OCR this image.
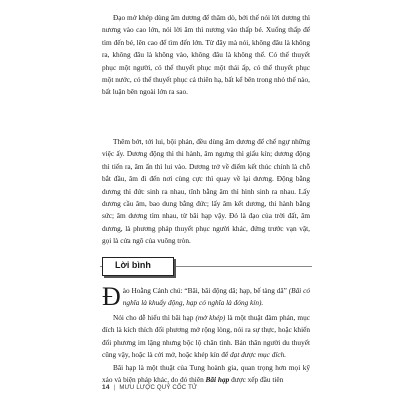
Đạo mở khép dùng âm dương để thăm dò, bởi thế nói lời dương thì nương vào cao lớn, nói lời âm thì nương vào thấp bé. Xuống thấp để tìm đến bé, lên cao để tìm đến lớn. Từ đây mà nói, không đâu là không ra, không đâu là không vào, không đâu là không thể. Có thể thuyết phục một người, có thể thuyết phục một thái ấp, có thể thuyết phục một nước, có thể thuyết phục cả thiên hạ, bất kể bên trong nhỏ thế nào, bất luận bên ngoài lớn ra sao.

Thêm bớt, tới lui, bội phản, đều dùng âm dương để chế ngự những việc ấy. Dương động thì thi hành, âm ngưng thì giấu kín; dương động thì tiến ra, âm ẩn thì lui vào. Dương trở về điểm kết thúc chính là chỗ bắt đầu, âm đi đến nơi cùng cực thì quay về lại dương. Động bằng dương thì đức sinh ra nhau, tĩnh bằng âm thì hình sinh ra nhau. Lấy dương cầu âm, bao dung bằng đức; lấy âm kết dương, thi hành bằng sức; âm dương tìm nhau, từ bãi hạp vậy. Đó là đạo của trời đất, âm dương, là phương pháp thuyết phục người khác, đứng trước vạn vật, gọi là cửa ngõ của vuông tròn.

Lời bình
Đ ào Hoằng Cảnh chú: “Bãi, bãi động dã; hạp, bế tàng dã” (Bãi có nghĩa là khuấy động, hạp có nghĩa là đóng kín).

Nói cho dễ hiểu thì bãi hạp (mở khép) là một thuật đàm phán, mục đích là kích thích đối phương mở rộng lòng, nói ra sự thực, hoặc khiến đối phương im lặng nhưng bộc lộ chân tình. Bản thân người du thuyết cũng vậy, hoặc là cởi mở, hoặc khép kín để đạt được mục đích.

Bãi hạp là một thuật của Tung hoành gia, quan trọng hơn mọi kỹ xảo và biện pháp khác, do đó thiên Bãi hạp được xếp đầu tiên

14 | MƯU LƯỢC QUỶ CỐC TỬ
